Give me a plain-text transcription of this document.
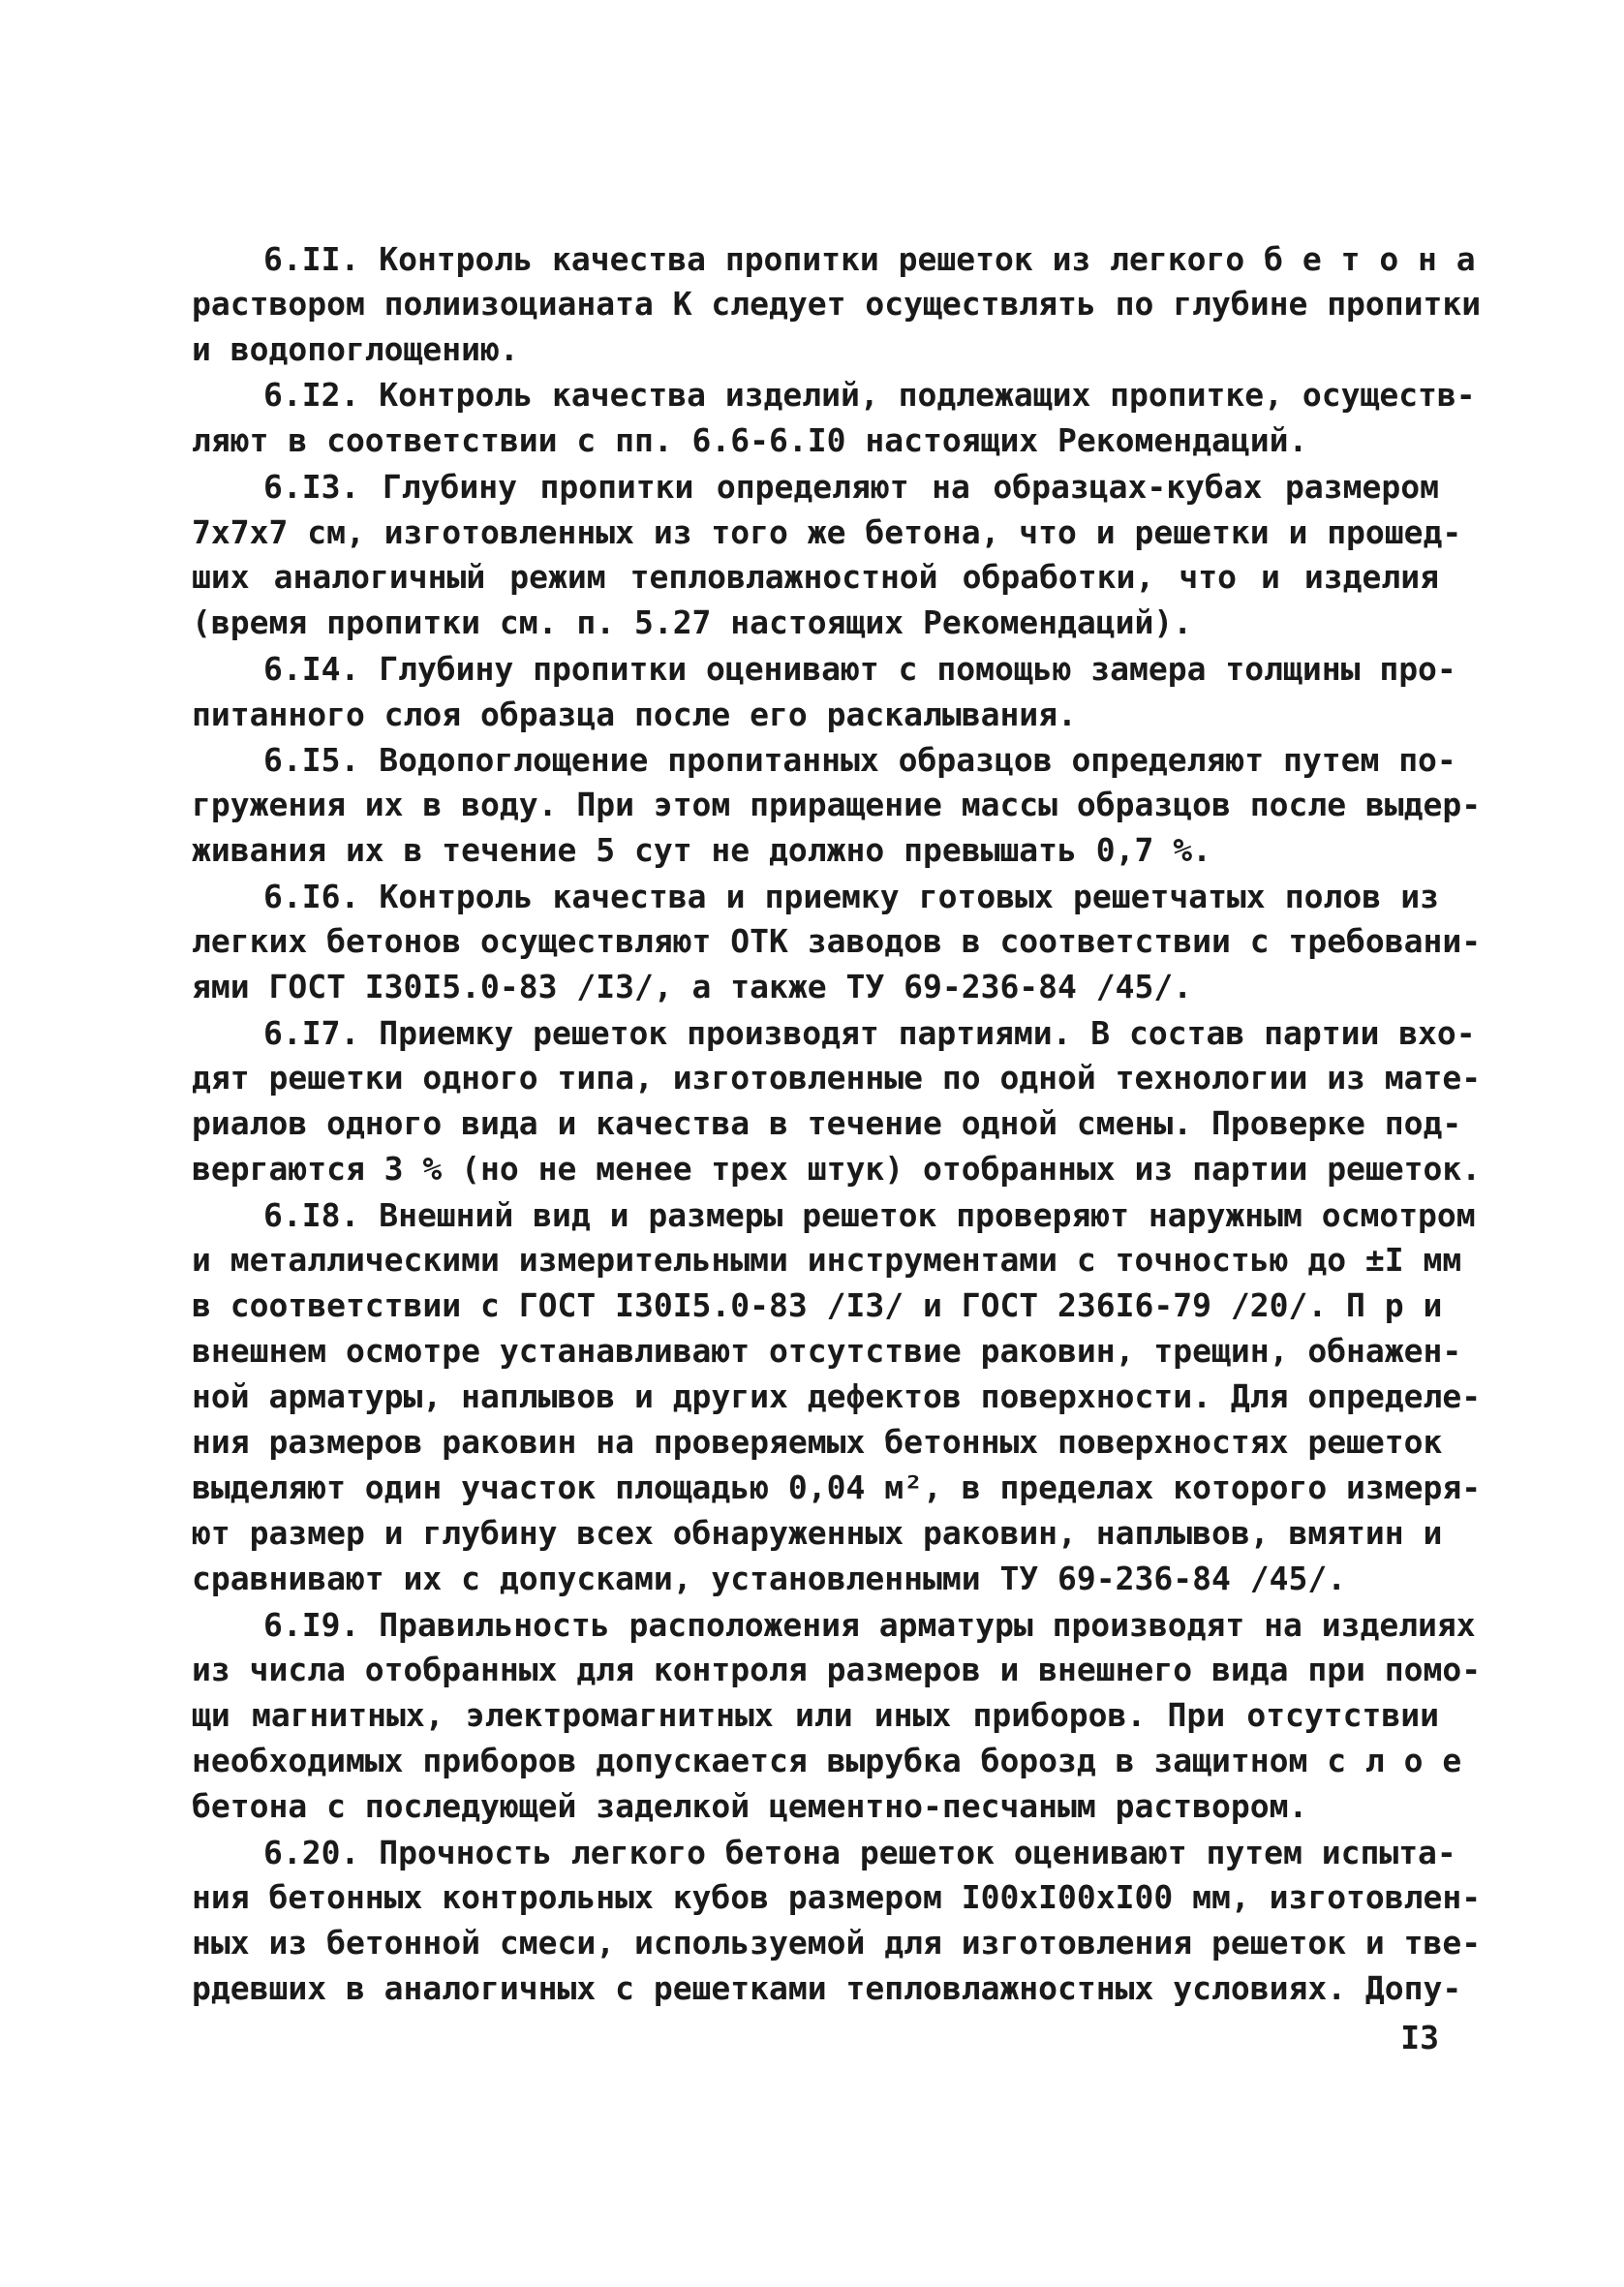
6.II. Контроль качества пропитки решеток из легкого б е т о н а
раствором полиизоцианата К следует осуществлять по глубине пропитки
и водопоглощению.
6.I2. Контроль качества изделий, подлежащих пропитке, осуществ-
ляют в соответствии с пп. 6.6-6.I0 настоящих Рекомендаций.
6.I3. Глубину пропитки определяют на образцах-кубах размером
7х7х7 см, изготовленных из того же бетона, что и решетки и прошед-
ших аналогичный режим тепловлажностной обработки, что и изделия
(время пропитки см. п. 5.27 настоящих Рекомендаций).
6.I4. Глубину пропитки оценивают с помощью замера толщины про-
питанного слоя образца после его раскалывания.
6.I5. Водопоглощение пропитанных образцов определяют путем по-
гружения их в воду. При этом приращение массы образцов после выдер-
живания их в течение 5 сут не должно превышать 0,7 %.
6.I6. Контроль качества и приемку готовых решетчатых полов из
легких бетонов осуществляют ОТК заводов в соответствии с требовани-
ями ГОСТ I30I5.0-83 /I3/, а также ТУ 69-236-84 /45/.
6.I7. Приемку решеток производят партиями. В состав партии вхо-
дят решетки одного типа, изготовленные по одной технологии из мате-
риалов одного вида и качества в течение одной смены. Проверке под-
вергаются 3 % (но не менее трех штук) отобранных из партии решеток.
6.I8. Внешний вид и размеры решеток проверяют наружным осмотром
и металлическими измерительными инструментами с точностью до ±I мм
в соответствии с ГОСТ I30I5.0-83 /I3/ и ГОСТ 236I6-79 /20/. П р и
внешнем осмотре устанавливают отсутствие раковин, трещин, обнажен-
ной арматуры, наплывов и других дефектов поверхности. Для определе-
ния размеров раковин на проверяемых бетонных поверхностях решеток
выделяют один участок площадью 0,04 м², в пределах которого измеря-
ют размер и глубину всех обнаруженных раковин, наплывов, вмятин и
сравнивают их с допусками, установленными ТУ 69-236-84 /45/.
6.I9. Правильность расположения арматуры производят на изделиях
из числа отобранных для контроля размеров и внешнего вида при помо-
щи магнитных, электромагнитных или иных приборов. При отсутствии
необходимых приборов допускается вырубка борозд в защитном с л о е
бетона с последующей заделкой цементно-песчаным раствором.
6.20. Прочность легкого бетона решеток оценивают путем испыта-
ния бетонных контрольных кубов размером I00хI00хI00 мм, изготовлен-
ных из бетонной смеси, используемой для изготовления решеток и тве-
рдевших в аналогичных с решетками тепловлажностных условиях. Допу-
I3
